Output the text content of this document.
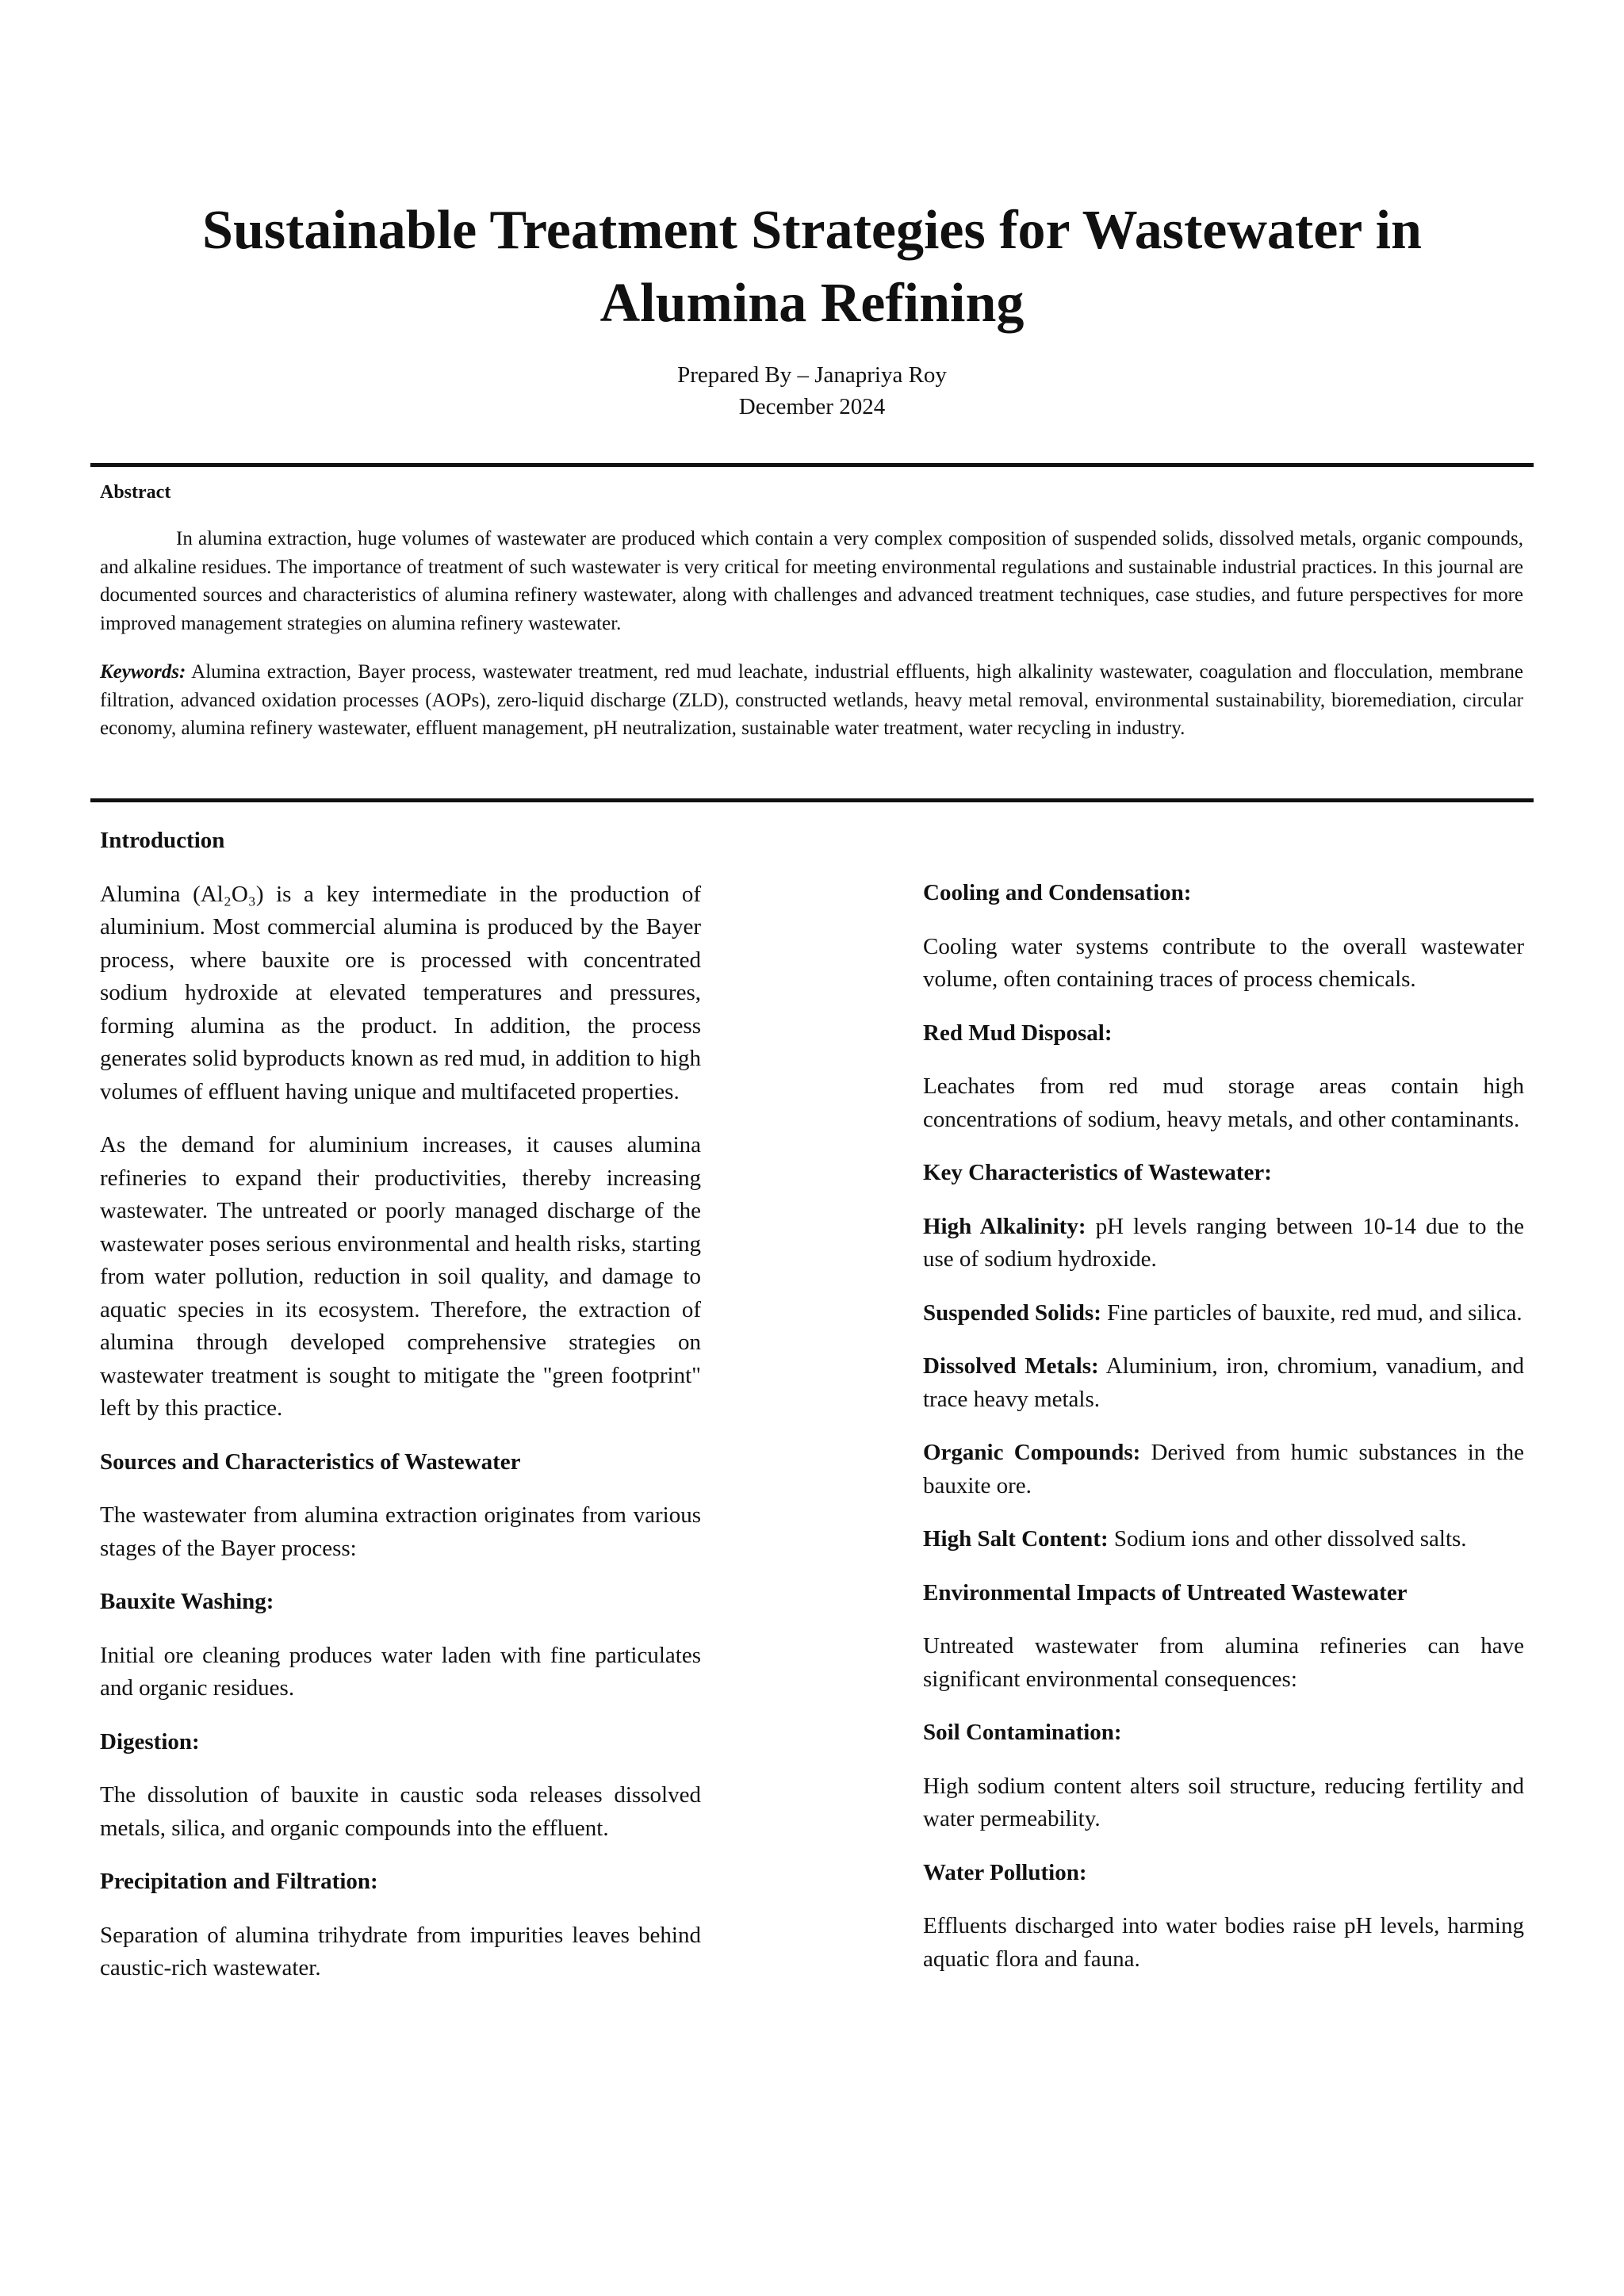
Sustainable Treatment Strategies for Wastewater in Alumina Refining
Prepared By – Janapriya Roy
December 2024
Abstract

In alumina extraction, huge volumes of wastewater are produced which contain a very complex composition of suspended solids, dissolved metals, organic compounds, and alkaline residues. The importance of treatment of such wastewater is very critical for meeting environmental regulations and sustainable industrial practices. In this journal are documented sources and characteristics of alumina refinery wastewater, along with challenges and advanced treatment techniques, case studies, and future perspectives for more improved management strategies on alumina refinery wastewater.

Keywords: Alumina extraction, Bayer process, wastewater treatment, red mud leachate, industrial effluents, high alkalinity wastewater, coagulation and flocculation, membrane filtration, advanced oxidation processes (AOPs), zero-liquid discharge (ZLD), constructed wetlands, heavy metal removal, environmental sustainability, bioremediation, circular economy, alumina refinery wastewater, effluent management, pH neutralization, sustainable water treatment, water recycling in industry.

Introduction

Alumina (Al₂O₃) is a key intermediate in the production of aluminium. Most commercial alumina is produced by the Bayer process, where bauxite ore is processed with concentrated sodium hydroxide at elevated temperatures and pressures, forming alumina as the product. In addition, the process generates solid byproducts known as red mud, in addition to high volumes of effluent having unique and multifaceted properties.

As the demand for aluminium increases, it causes alumina refineries to expand their productivities, thereby increasing wastewater. The untreated or poorly managed discharge of the wastewater poses serious environmental and health risks, starting from water pollution, reduction in soil quality, and damage to aquatic species in its ecosystem. Therefore, the extraction of alumina through developed comprehensive strategies on wastewater treatment is sought to mitigate the "green footprint" left by this practice.

Sources and Characteristics of Wastewater

The wastewater from alumina extraction originates from various stages of the Bayer process:

Bauxite Washing:

Initial ore cleaning produces water laden with fine particulates and organic residues.

Digestion:

The dissolution of bauxite in caustic soda releases dissolved metals, silica, and organic compounds into the effluent.

Precipitation and Filtration:

Separation of alumina trihydrate from impurities leaves behind caustic-rich wastewater.

Cooling and Condensation:

Cooling water systems contribute to the overall wastewater volume, often containing traces of process chemicals.

Red Mud Disposal:

Leachates from red mud storage areas contain high concentrations of sodium, heavy metals, and other contaminants.

Key Characteristics of Wastewater:

High Alkalinity: pH levels ranging between 10-14 due to the use of sodium hydroxide.

Suspended Solids: Fine particles of bauxite, red mud, and silica.

Dissolved Metals: Aluminium, iron, chromium, vanadium, and trace heavy metals.

Organic Compounds: Derived from humic substances in the bauxite ore.

High Salt Content: Sodium ions and other dissolved salts.

Environmental Impacts of Untreated Wastewater

Untreated wastewater from alumina refineries can have significant environmental consequences:

Soil Contamination:

High sodium content alters soil structure, reducing fertility and water permeability.

Water Pollution:

Effluents discharged into water bodies raise pH levels, harming aquatic flora and fauna.
